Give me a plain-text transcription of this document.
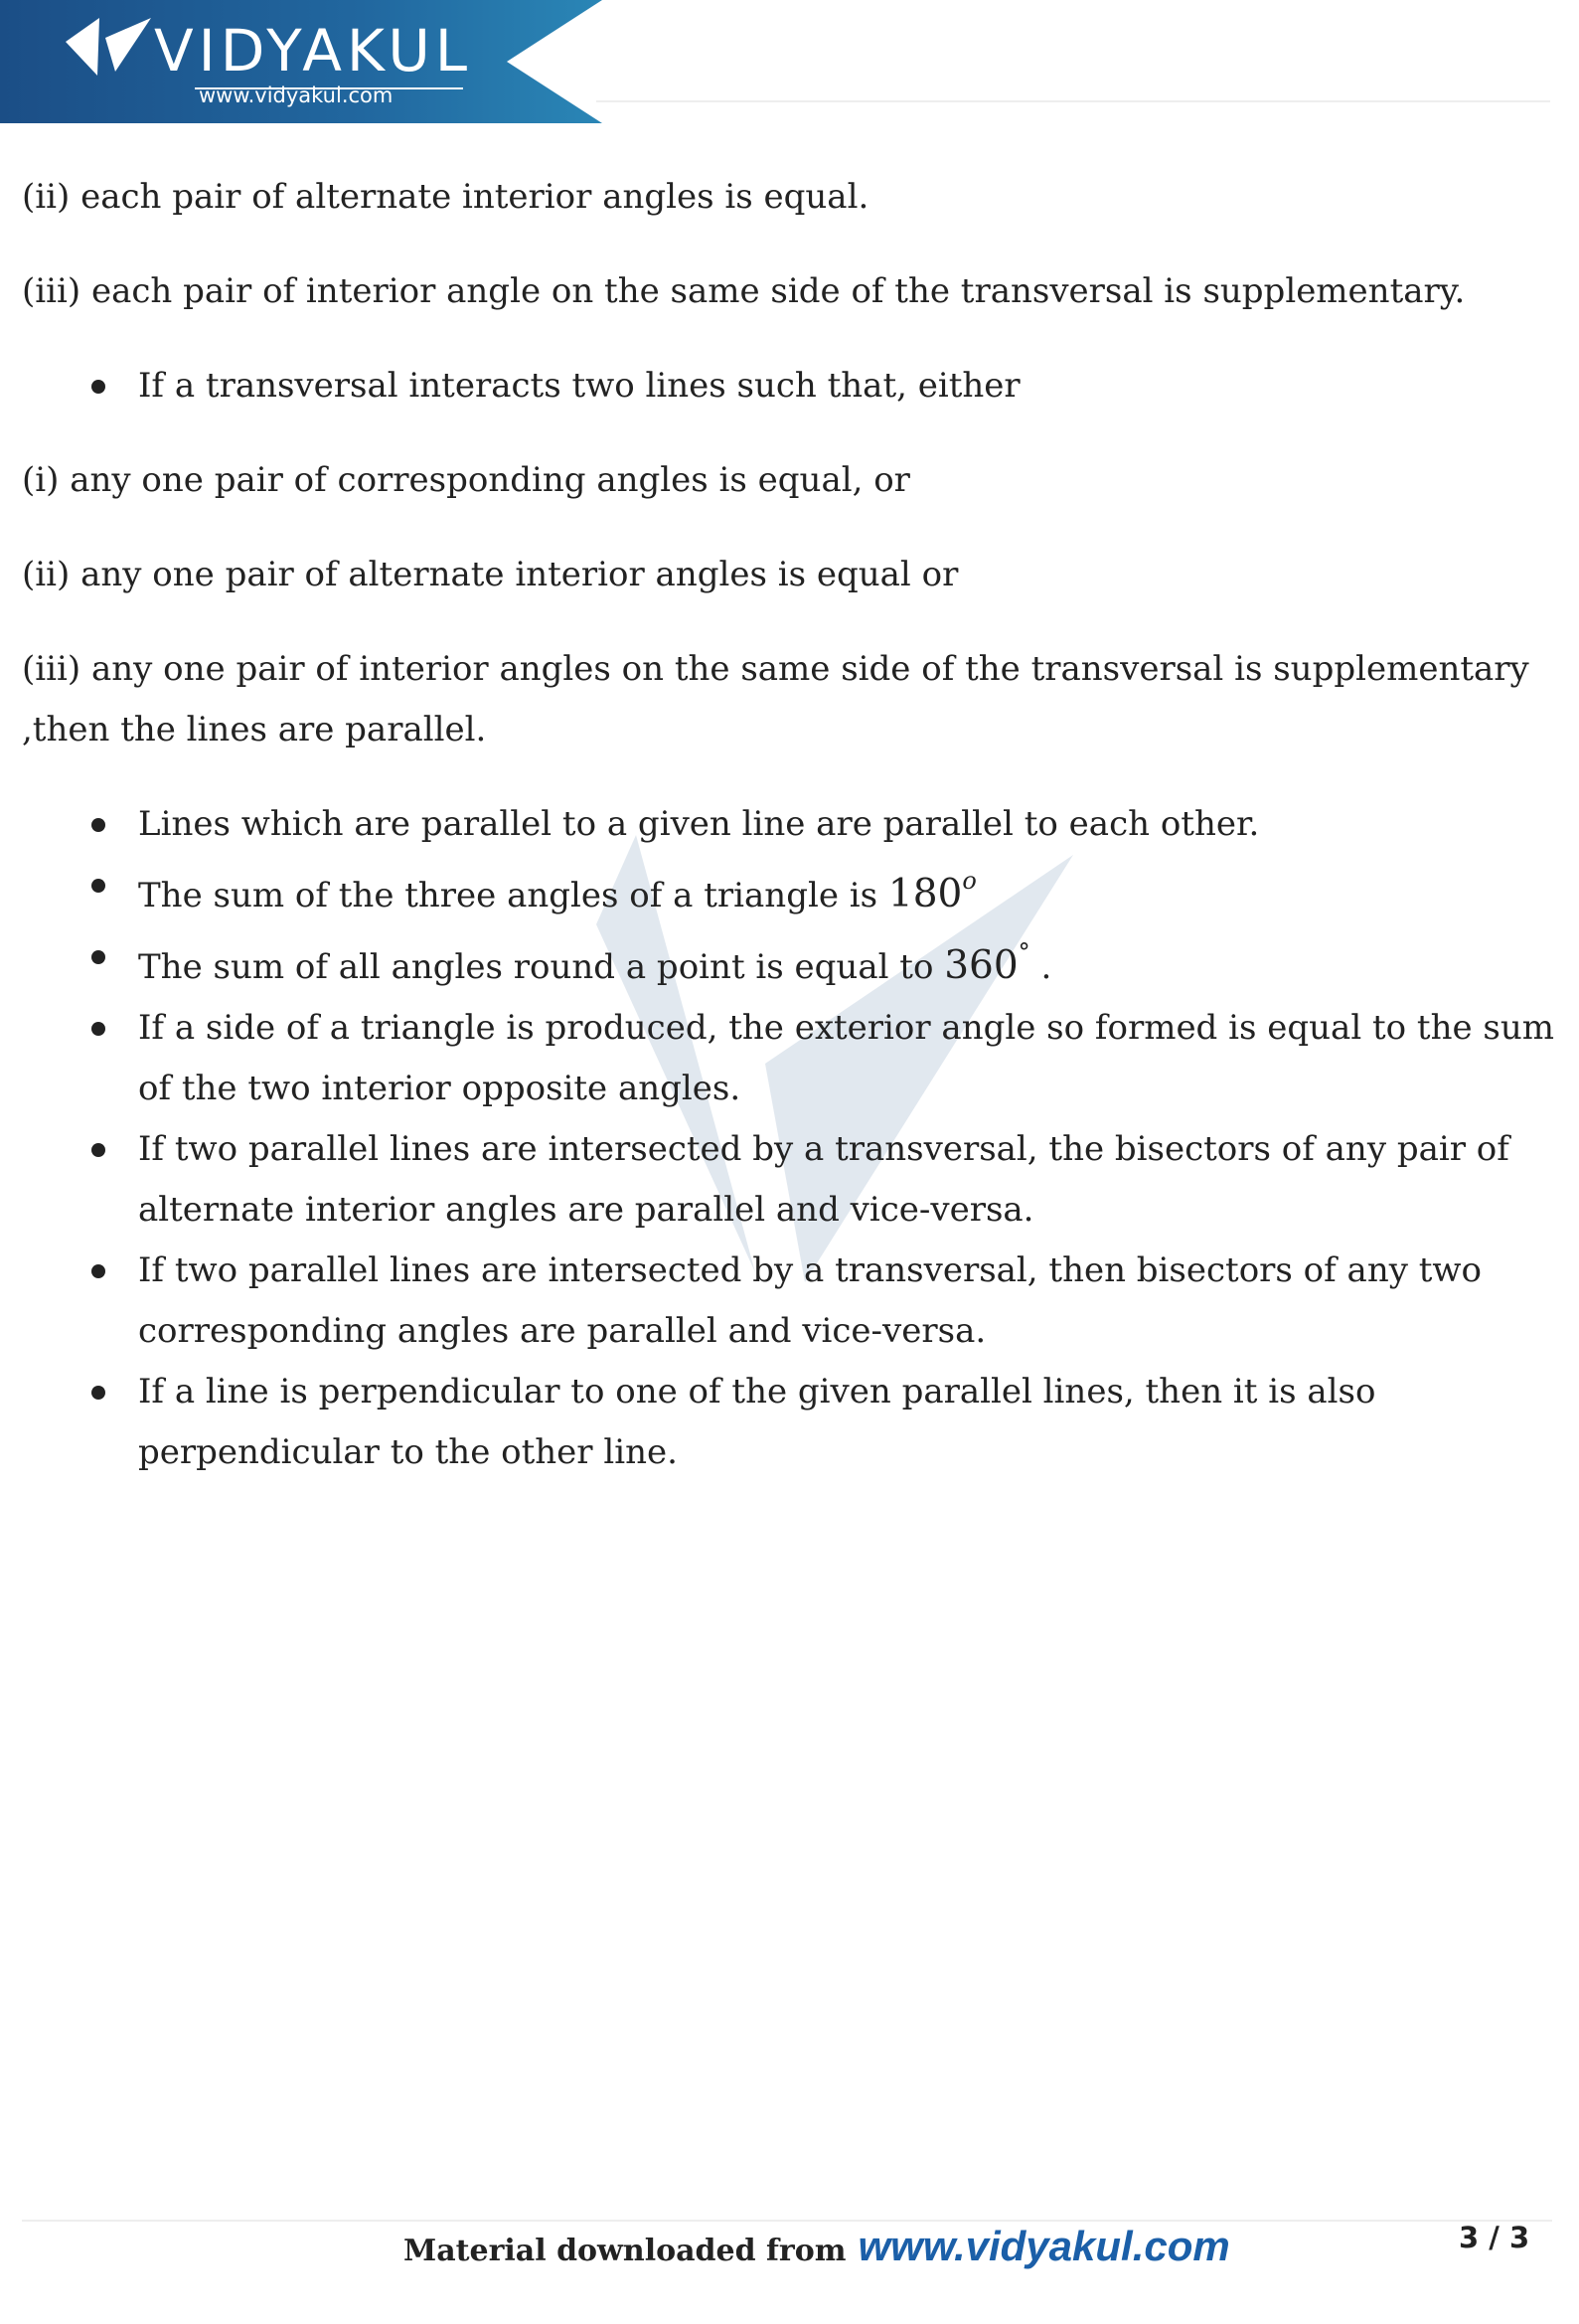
VIDYAKUL
www.vidyakul.com

(ii) each pair of alternate interior angles is equal.

(iii) each pair of interior angle on the same side of the transversal is supplementary.

If a transversal interacts two lines such that, either

(i) any one pair of corresponding angles is equal, or

(ii) any one pair of alternate interior angles is equal or

(iii) any one pair of interior angles on the same side of the transversal is supplementary ,then the lines are parallel.

Lines which are parallel to a given line are parallel to each other.
The sum of the three angles of a triangle is 180$^o$
The sum of all angles round a point is equal to 360° .
If a side of a triangle is produced, the exterior angle so formed is equal to the sum of the two interior opposite angles.
If two parallel lines are intersected by a transversal, the bisectors of any pair of alternate interior angles are parallel and vice-versa.
If two parallel lines are intersected by a transversal, then bisectors of any two corresponding angles are parallel and vice-versa.
If a line is perpendicular to one of the given parallel lines, then it is also perpendicular to the other line.
Material downloaded from www.vidyakul.com	3 / 3
